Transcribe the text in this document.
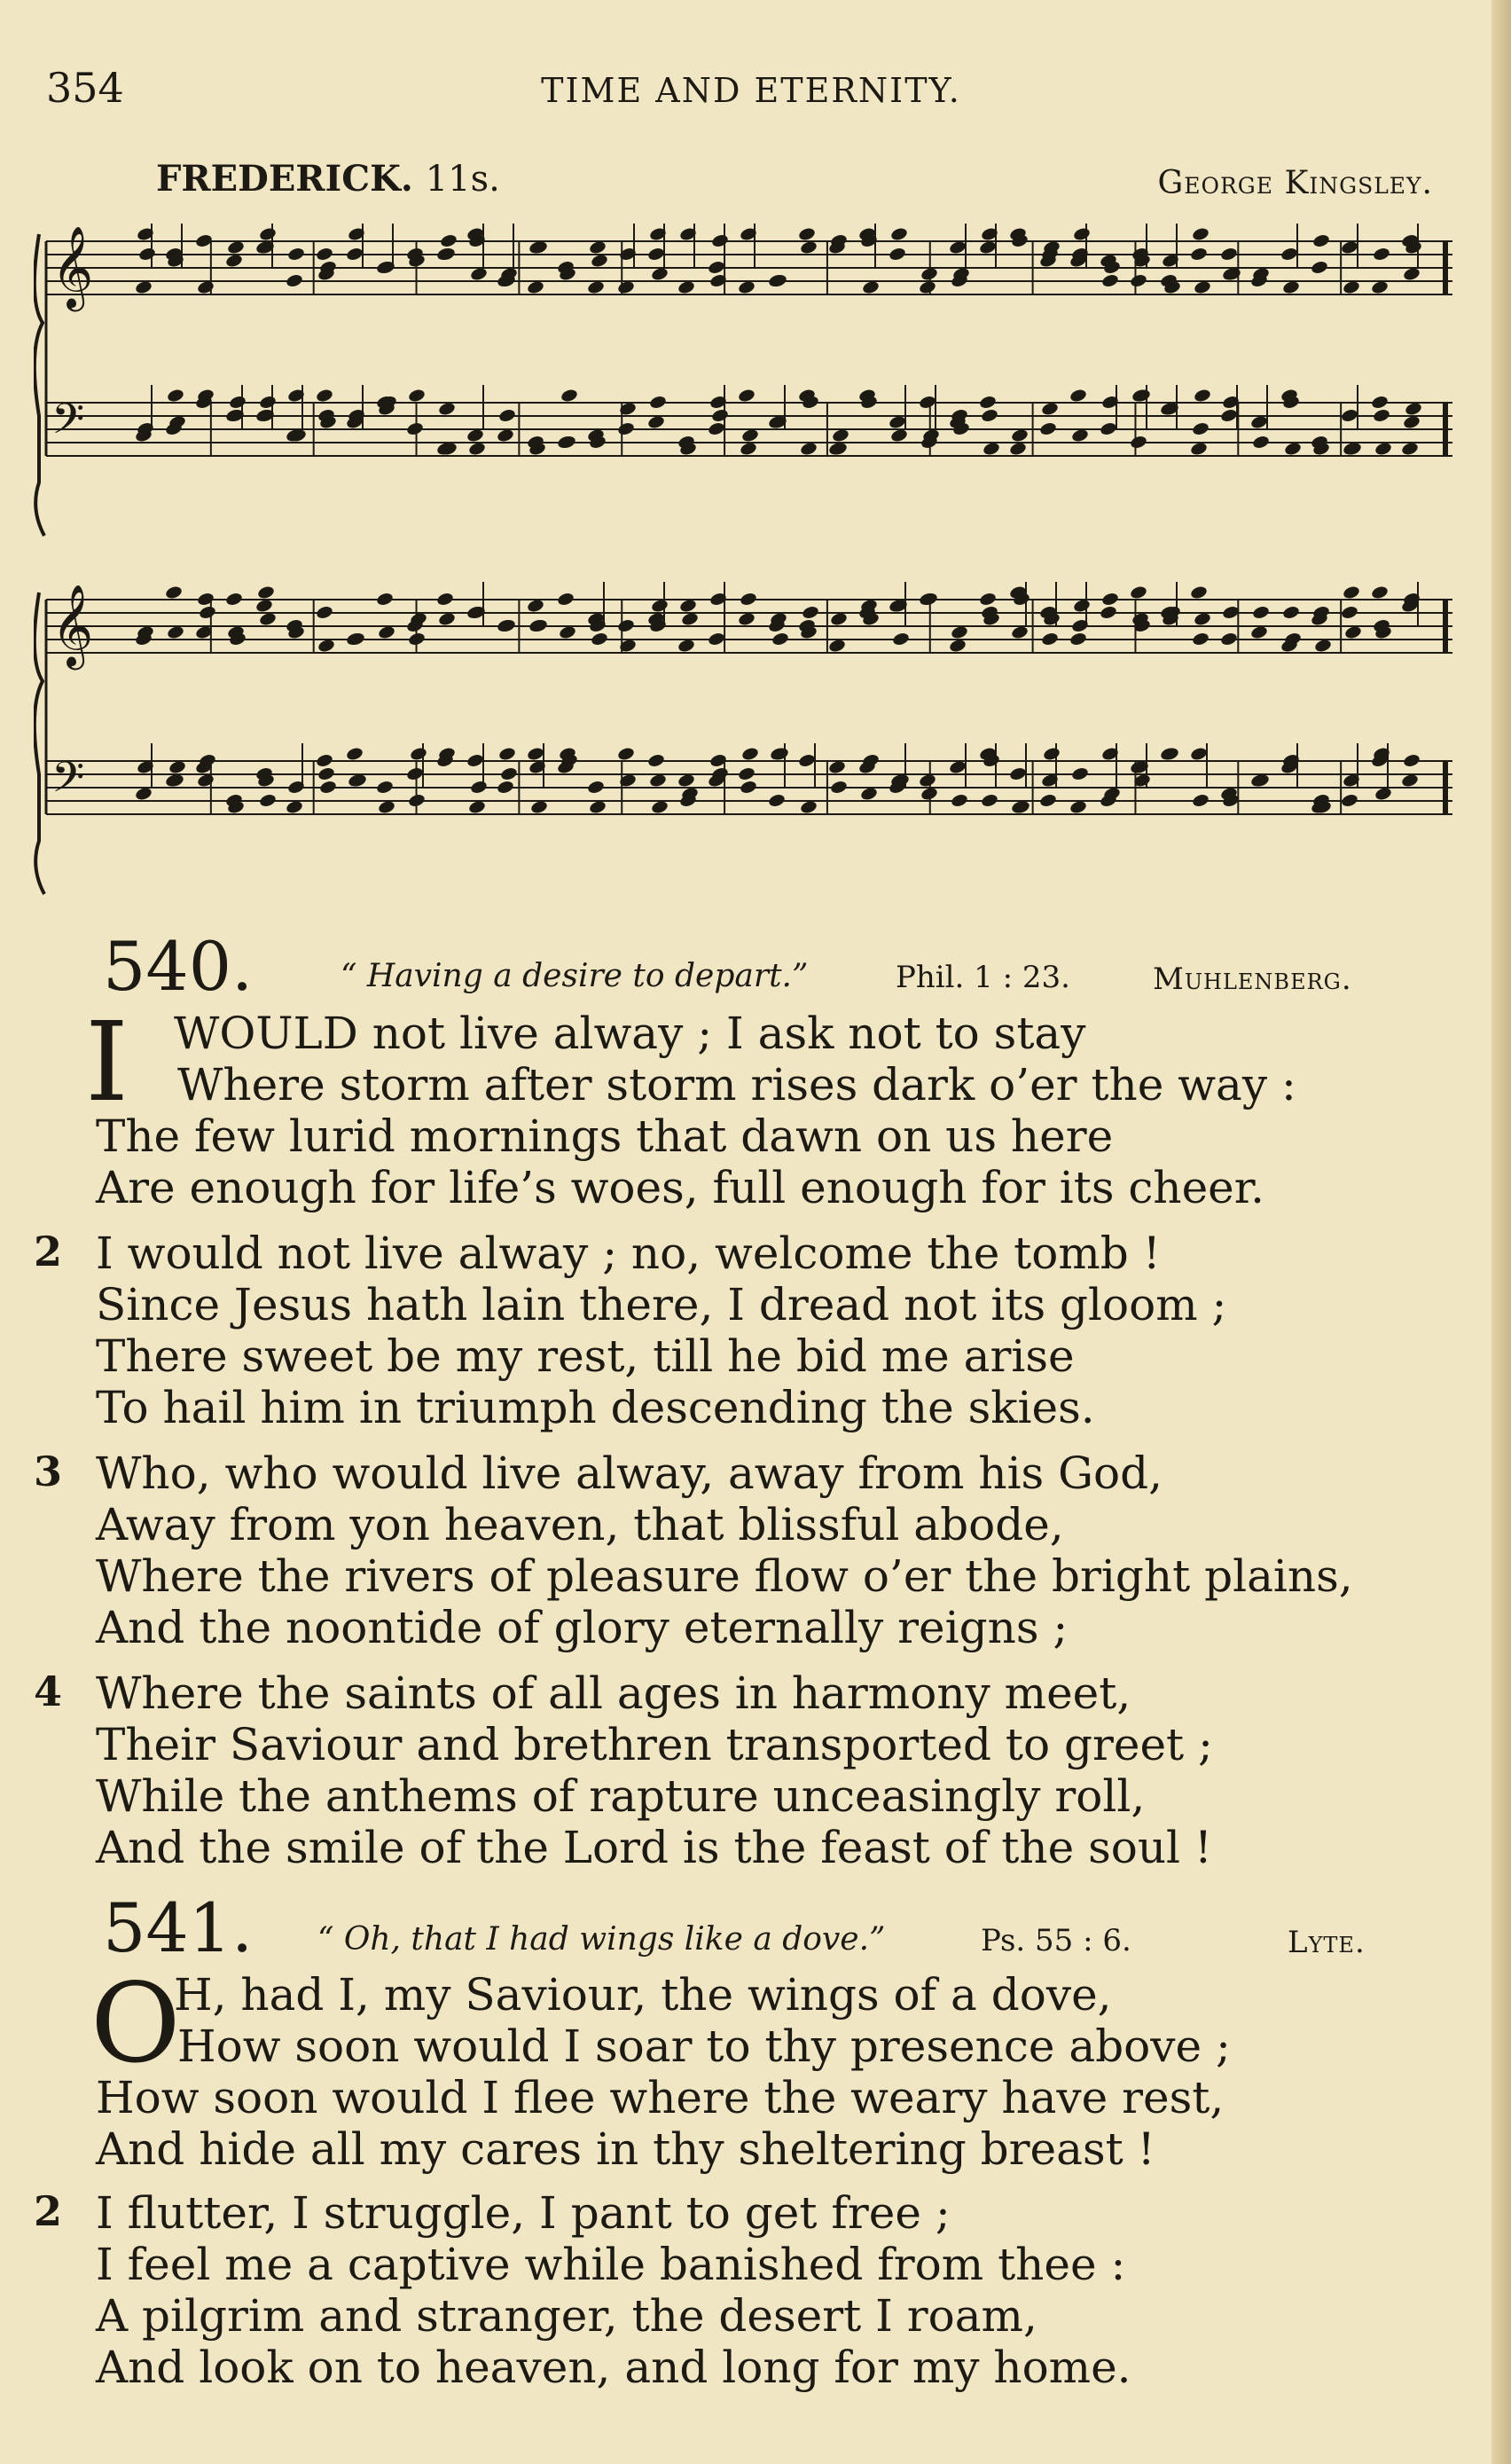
354	TIME AND ETERNITY.
FREDERICK. 11s.	George Kingsley.
𝄞
𝄢
𝄞
𝄢
540.	“ Having a desire to depart.”	Phil. 1 : 23.	Muhlenberg.
I	WOULD not live alway ; I ask not to stay
Where storm after storm rises dark o’er the way :
The few lurid mornings that dawn on us here
Are enough for life’s woes, full enough for its cheer.
2 I would not live alway ; no, welcome the tomb !
Since Jesus hath lain there, I dread not its gloom ;
There sweet be my rest, till he bid me arise
To hail him in triumph descending the skies.
3 Who, who would live alway, away from his God,
Away from yon heaven, that blissful abode,
Where the rivers of pleasure flow o’er the bright plains,
And the noontide of glory eternally reigns ;
4 Where the saints of all ages in harmony meet,
Their Saviour and brethren transported to greet ;
While the anthems of rapture unceasingly roll,
And the smile of the Lord is the feast of the soul !
541. “ Oh, that I had wings like a dove.”	Ps. 55 : 6.	Lyte.
O
H, had I, my Saviour, the wings of a dove,
How soon would I soar to thy presence above ;
How soon would I flee where the weary have rest,
And hide all my cares in thy sheltering breast !
2 I flutter, I struggle, I pant to get free ;
I feel me a captive while banished from thee :
A pilgrim and stranger, the desert I roam,
And look on to heaven, and long for my home.
